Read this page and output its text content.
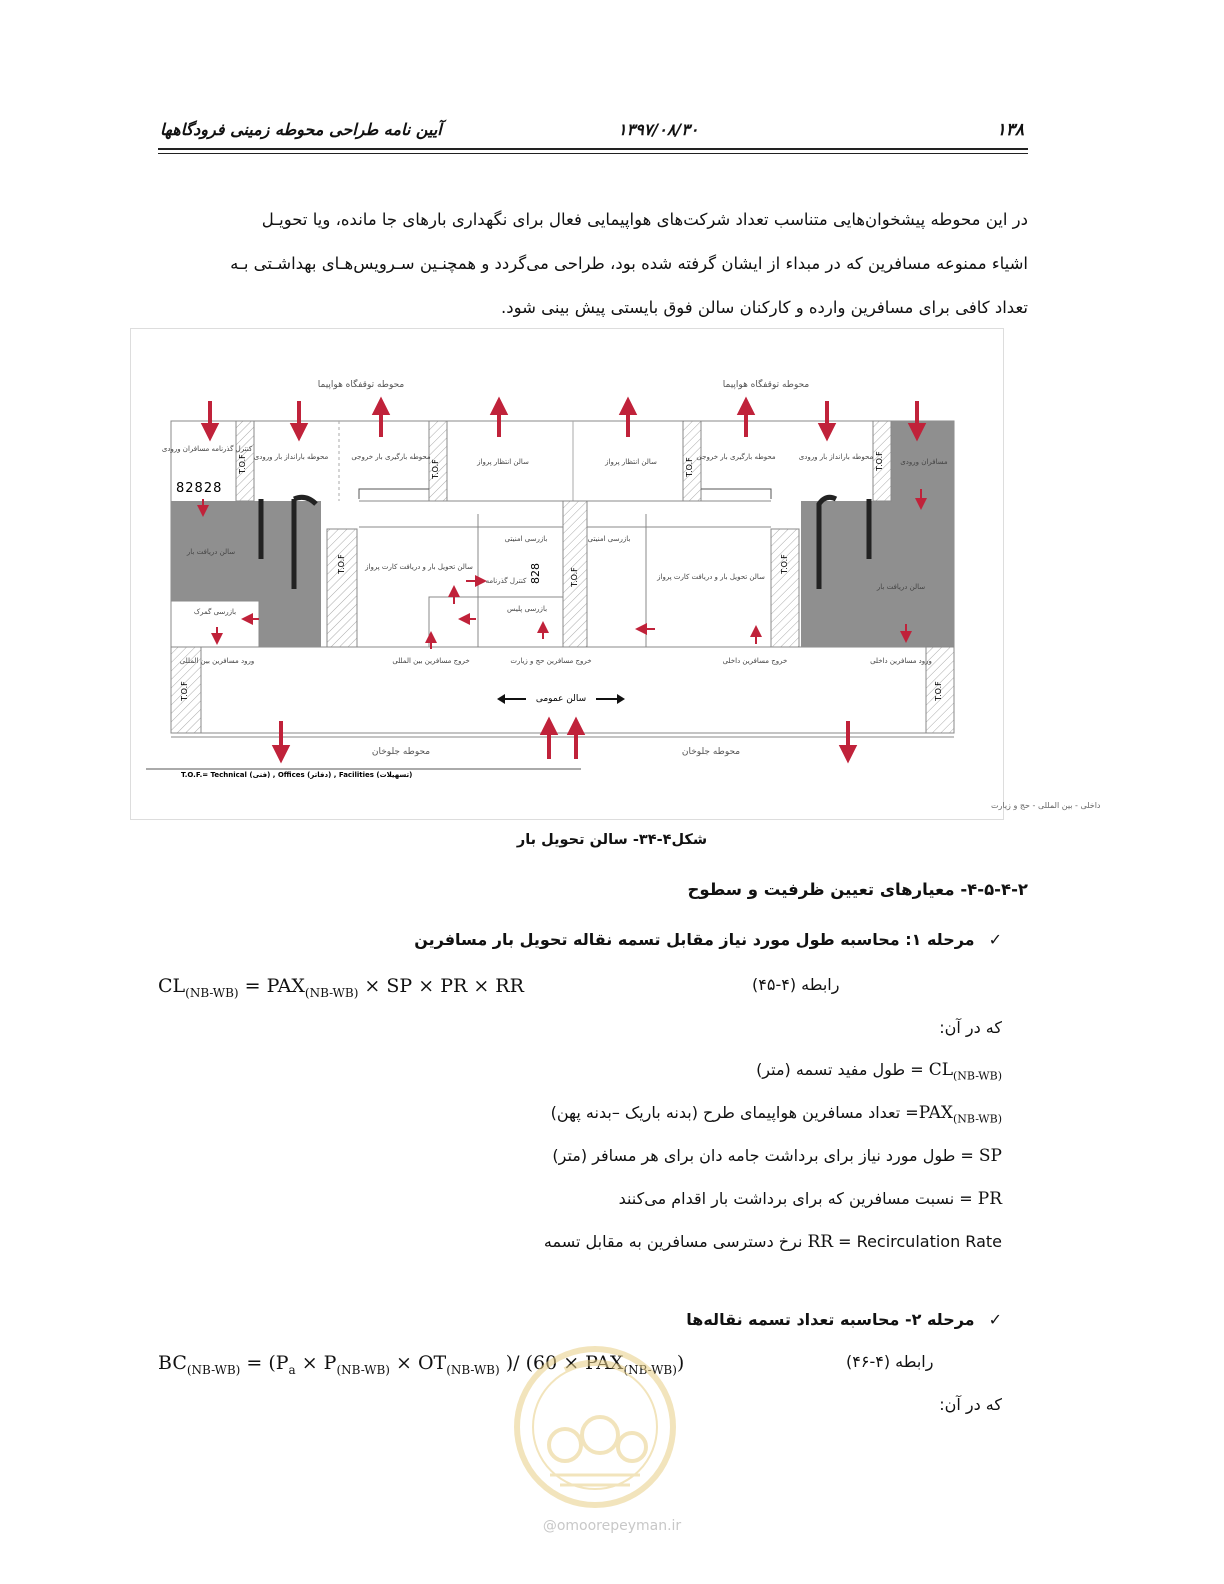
۱۳۸
۱۳۹۷/۰۸/۳۰
آیین نامه طراحی محوطه زمینی فرودگاهها
در این محوطه پیشخوان‌هایی متناسب تعداد شرکت‌های هواپیمایی فعال برای نگهداری بارهای جا مانده، ویا تحویـل
اشیاء ممنوعه مسافرین که در مبداء از ایشان گرفته شده بود، طراحی می‌گردد و همچنـین سـرویس‌هـای بهداشـتی بـه
تعداد کافی برای مسافرین وارده و کارکنان سالن فوق بایستی پیش بینی شود.
محوطه توقفگاه هواپیما	محوطه توقفگاه هواپیما
T.O.F	T.O.F
T.O.F
T.O.F
T.O.F
T.O.F
T.O.F
T.O.F	T.O.F
82828
828
کنترل گذرنامه مسافران ورودی
محوطه بارانداز بار ورودی	محوطه بارگیری بار خروجی
سالن انتظار پرواز	سالن انتظار پرواز
محوطه بارگیری بار خروجی	محوطه بارانداز بار ورودی
مسافران ورودی
سالن دریافت بار
سالن دریافت بار
سالن تحویل بار و دریافت کارت پرواز
سالن تحویل بار و دریافت کارت پرواز
بازرسی گمرک
کنترل گذرنامه
بازرسی پلیس
بازرسی امنیتی	بازرسی امنیتی
ورود مسافرین بین المللی	خروج مسافرین بین المللی	خروج مسافرین حج و زیارت	خروج مسافرین داخلی	ورود مسافرین داخلی
سالن عمومی
محوطه جلوخان	محوطه جلوخان
T.O.F.= Technical (فنی) , Offices (دفاتر) , Facilities (تسهیلات)
داخلی - بین المللی - حج و زیارت
شکل۴-۳۴- سالن تحویل بار
۴-۵-۴-۲- معیارهای تعیین ظرفیت و سطوح
✓مرحله ۱: محاسبه طول مورد نیاز مقابل تسمه نقاله تحویل بار مسافرین
$CL_{(NB-WB)} = PAX_{(NB-WB)}$ × SP × PR × RR	رابطه (۴-۴۵)
که در آن:
$CL_{(NB-WB)}$ = طول مفید تسمه (متر)
$PAX_{(NB-WB)}=$ تعداد مسافرین هواپیمای طرح (بدنه باریک –بدنه پهن)
SP = طول مورد نیاز برای برداشت جامه دان برای هر مسافر (متر)
PR = نسبت مسافرین که برای برداشت بار اقدام می‌کنند
RR = Recirculation Rate نرخ دسترسی مسافرین به مقابل تسمه
✓مرحله ۲- محاسبه تعداد تسمه نقاله‌ها
$BC_{(NB-WB)} = (P_a \times P_{(NB-WB)} \times OT_{(NB-WB)}$ )/ $(60 \times PAX_{(NB-WB)})$	رابطه (۴-۴۶)
که در آن:
@omoorepeyman.ir
